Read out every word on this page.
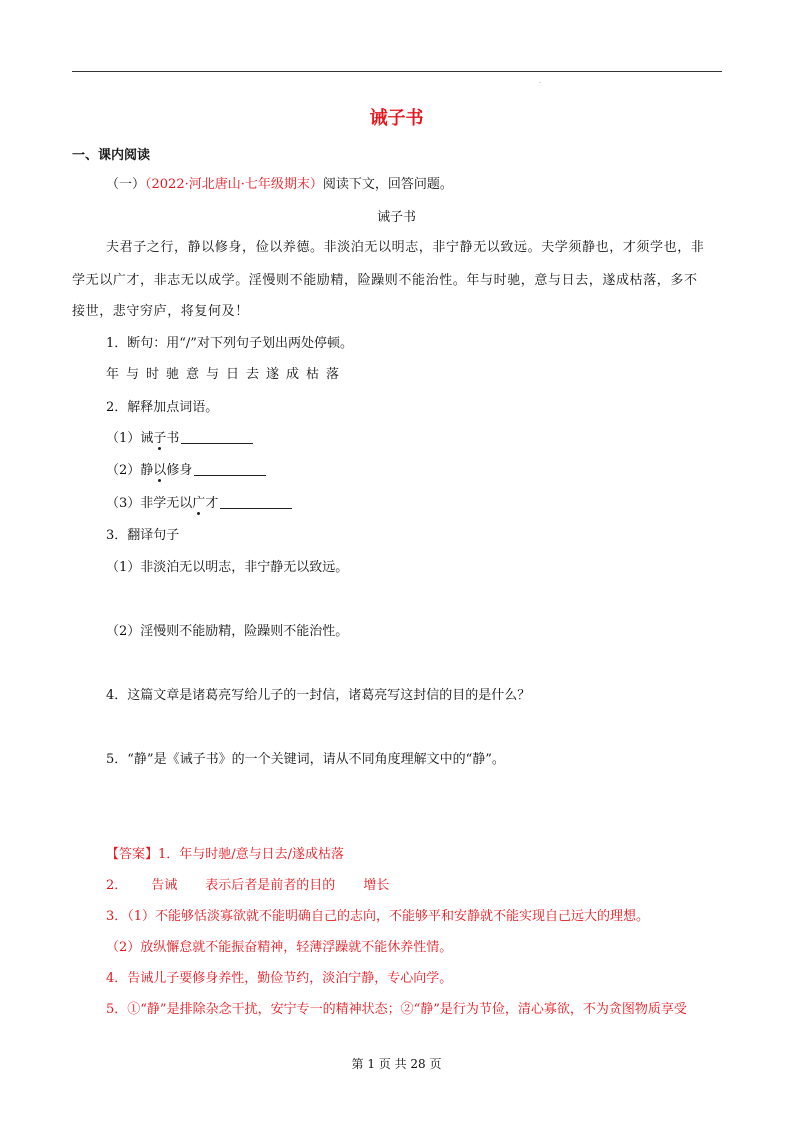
·
诫子书
一、课内阅读
（一）（2022·河北唐山·七年级期末）阅读下文，回答问题。
诫子书
夫君子之行，静以修身，俭以养德。非淡泊无以明志，非宁静无以致远。夫学须静也，才须学也，非
学无以广才，非志无以成学。淫慢则不能励精，险躁则不能治性。年与时驰，意与日去，遂成枯落，多不
接世，悲守穷庐，将复何及！
1．断句：用“/”对下列句子划出两处停顿。
年与时驰意与日去遂成枯落
2．解释加点词语。
（1）诫子书
（2）静以修身
（3）非学无以广才
3．翻译句子
（1）非淡泊无以明志，非宁静无以致远。
（2）淫慢则不能励精，险躁则不能治性。
4．这篇文章是诸葛亮写给儿子的一封信，诸葛亮写这封信的目的是什么？
5．“静”是《诫子书》的一个关键词，请从不同角度理解文中的“静”。
【答案】1．年与时驰/意与日去/遂成枯落
2． 告诫 表示后者是前者的目的 增长
3．（1）不能够恬淡寡欲就不能明确自己的志向，不能够平和安静就不能实现自己远大的理想。
（2）放纵懈怠就不能振奋精神，轻薄浮躁就不能休养性情。
4．告诫儿子要修身养性，勤俭节约，淡泊宁静，专心向学。
5．①“静”是排除杂念干扰，安宁专一的精神状态；②“静”是行为节俭，清心寡欲，不为贪图物质享受
第 1 页 共 28 页
